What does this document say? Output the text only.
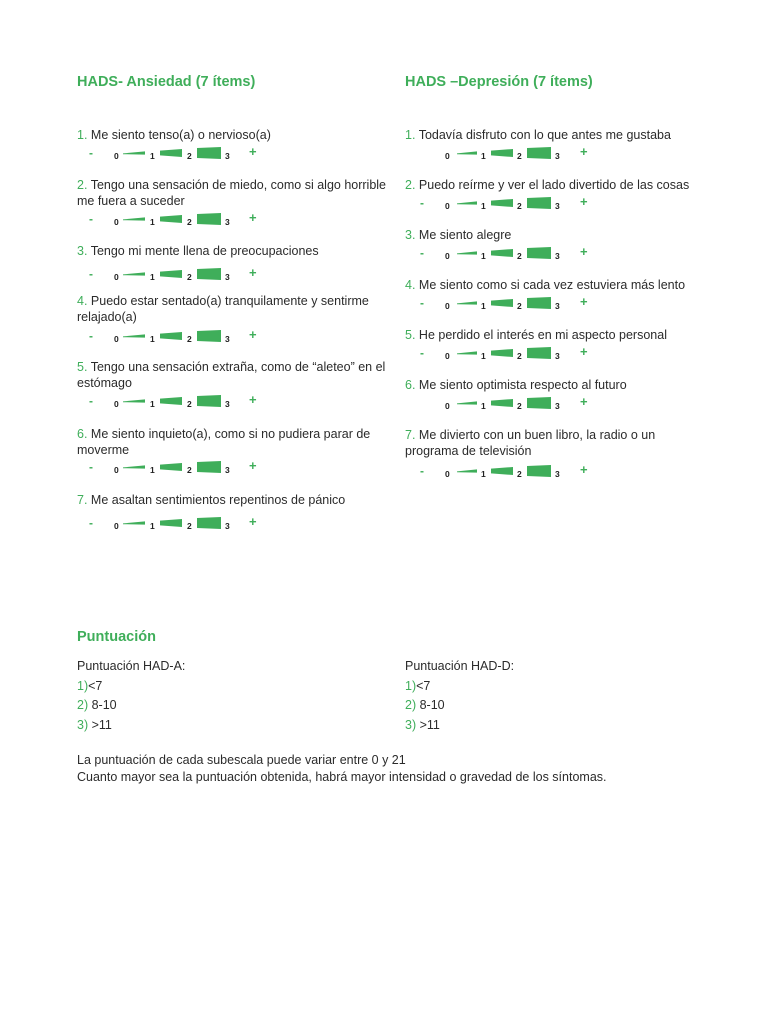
HADS- Ansiedad (7 ítems)
1. Me siento tenso(a) o nervioso(a)
- 0	1	2	3 +
2. Tengo una sensación de miedo, como si algo horrible me fuera a suceder
- 0	1	2	3 +
3. Tengo mi mente llena de preocupaciones
- 0	1	2	3 +
4. Puedo estar sentado(a) tranquilamente y sentirme relajado(a)
- 0	1	2	3 +
5. Tengo una sensación extraña, como de “aleteo” en el estómago
- 0	1	2	3 +
6. Me siento inquieto(a), como si no pudiera parar de moverme
- 0	1	2	3 +
7. Me asaltan sentimientos repentinos de pánico
- 0	1	2	3 +
HADS –Depresión (7 ítems)
1. Todavía disfruto con lo que antes me gustaba
0	1	2	3 +
2. Puedo reírme y ver el lado divertido de las cosas
- 0	1	2	3 +
3. Me siento alegre
- 0	1	2	3 +
4. Me siento como si cada vez estuviera más lento
- 0	1	2	3 +
5. He perdido el interés en mi aspecto personal
- 0	1	2	3 +
6. Me siento optimista respecto al futuro
0	1	2	3 +
7. Me divierto con un buen libro, la radio o un programa de televisión
- 0	1	2	3 +
Puntuación
Puntuación HAD-A:
1)<7
2) 8-10
3) >11
Puntuación HAD-D:
1)<7
2) 8-10
3) >11
La puntuación de cada subescala puede variar entre 0 y 21
Cuanto mayor sea la puntuación obtenida, habrá mayor intensidad o gravedad de los síntomas.
